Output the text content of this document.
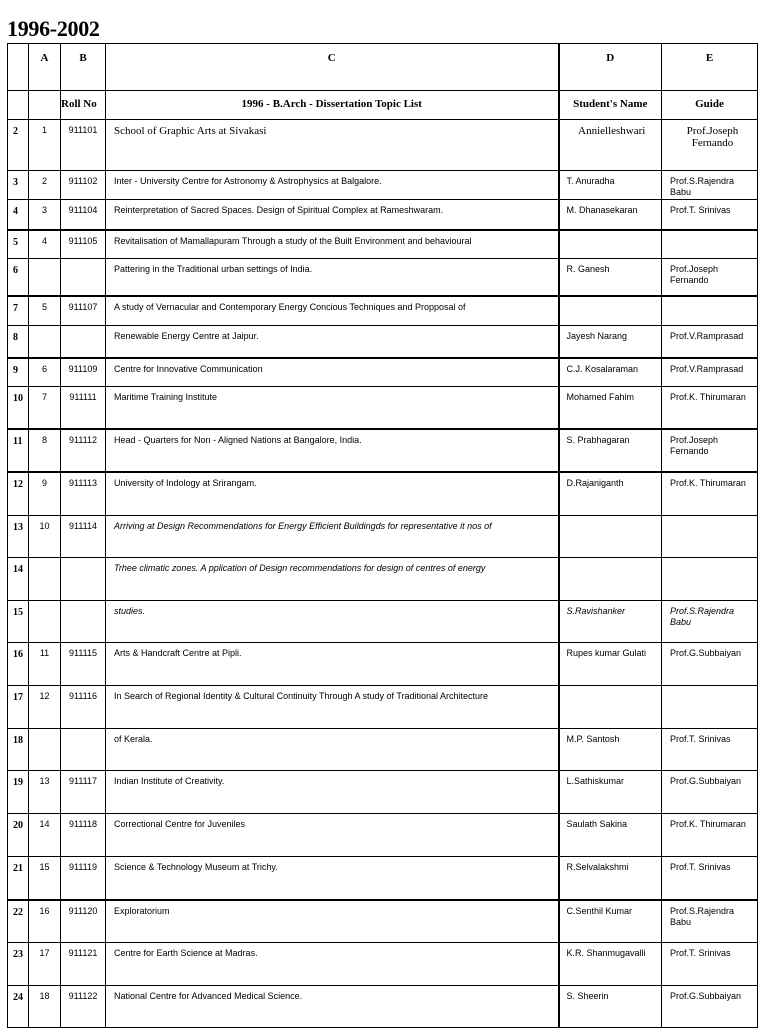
1996-2002
	A	B	C	D	E
		Roll No	1996 - B.Arch - Dissertation Topic List	Student's Name	Guide
2	1	911101	School of Graphic Arts at Sivakasi	Annielleshwari	Prof.Joseph Fernando
3	2	911102	Inter - University Centre for Astronomy & Astrophysics at Balgalore.	T. Anuradha	Prof.S.Rajendra Babu
4	3	911104	Reinterpretation of Sacred Spaces. Design of Spiritual Complex at Rameshwaram.	M. Dhanasekaran	Prof.T. Srinivas
5	4	911105	Revitalisation of Mamallapuram Through a study of the Built Environment and behavioural		
6			Pattering in the Traditional urban settings of India.	R. Ganesh	Prof.Joseph Fernando
7	5	911107	A study of Vernacular and Contemporary Energy Concious Techniques and Propposal of		
8			Renewable Energy Centre at Jaipur.	Jayesh Narang	Prof.V.Ramprasad
9	6	911109	Centre for Innovative Communication	C.J. Kosalaraman	Prof.V.Ramprasad
10	7	911111	Maritime Training Institute	Mohamed Fahim	Prof.K. Thirumaran
11	8	911112	Head - Quarters for Non - Aligned Nations at Bangalore, India.	S. Prabhagaran	Prof.Joseph Fernando
12	9	911113	University of Indology at Srirangam.	D.Rajaniganth	Prof.K. Thirumaran
13	10	911114	Arriving at Design Recommendations for Energy Efficient Buildingds for representative it nos of		
14			Trhee climatic zones. A pplication of Design recommendations for design of centres of energy		
15			studies.	S.Ravishanker	Prof.S.Rajendra Babu
16	11	911115	Arts & Handcraft Centre at Pipli.	Rupes kumar Gulati	Prof.G.Subbaiyan
17	12	911116	In Search of Regional Identity & Cultural Continuity Through A study of Traditional Architecture		
18			of Kerala.	M.P. Santosh	Prof.T. Srinivas
19	13	911117	Indian Institute of Creativity.	L.Sathiskumar	Prof.G.Subbaiyan
20	14	911118	Correctional Centre for Juveniles	Saulath Sakina	Prof.K. Thirumaran
21	15	911119	Science & Technology Museum at Trichy.	R.Selvalakshmi	Prof.T. Srinivas
22	16	911120	Exploratorium	C.Senthil Kumar	Prof.S.Rajendra Babu
23	17	911121	Centre for Earth Science at Madras.	K.R. Shanmugavalli	Prof.T. Srinivas
24	18	911122	National Centre for Advanced Medical Science.	S. Sheerin	Prof.G.Subbaiyan
